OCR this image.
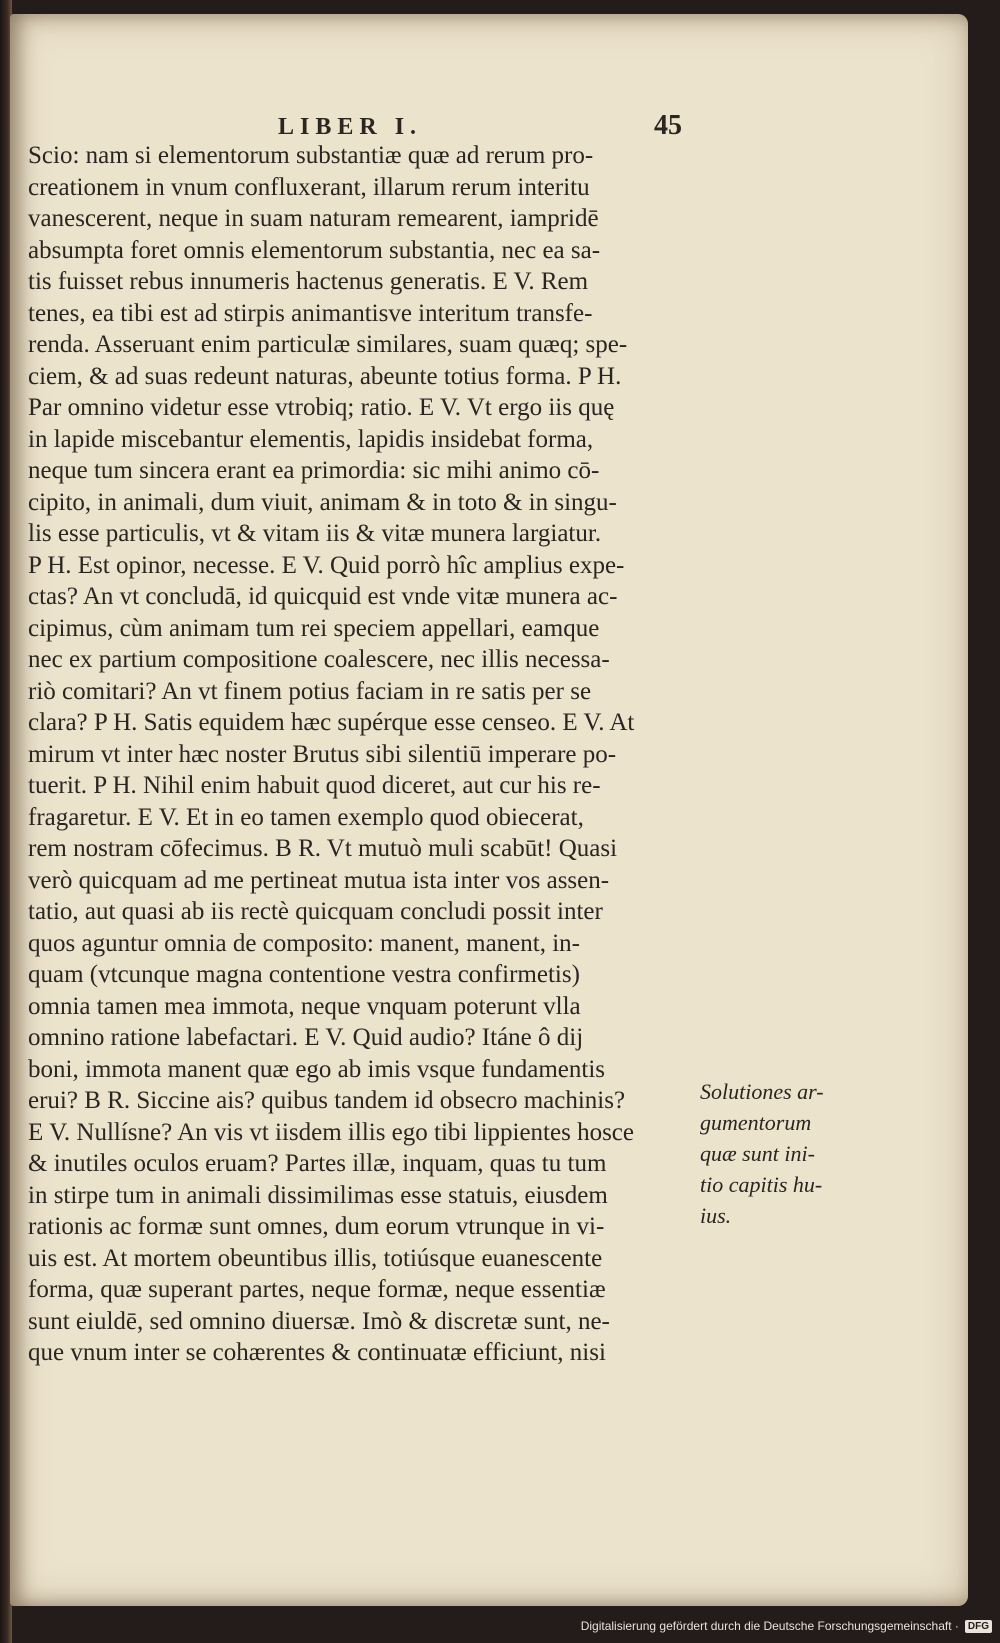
LIBER I.	45
Scio: nam si elementorum substantiæ quæ ad rerum pro-
creationem in vnum confluxerant, illarum rerum interitu
vanescerent, neque in suam naturam remearent, iampridē
absumpta foret omnis elementorum substantia, nec ea sa-
tis fuisset rebus innumeris hactenus generatis. E V. Rem
tenes, ea tibi est ad stirpis animantisve interitum transfe-
renda. Asseruant enim particulæ similares, suam quæq; spe-
ciem, & ad suas redeunt naturas, abeunte totius forma. P H.
Par omnino videtur esse vtrobiq; ratio. E V. Vt ergo iis quę
in lapide miscebantur elementis, lapidis insidebat forma,
neque tum sincera erant ea primordia: sic mihi animo cō-
cipito, in animali, dum viuit, animam & in toto & in singu-
lis esse particulis, vt & vitam iis & vitæ munera largiatur.
P H. Est opinor, necesse. E V. Quid porrò hîc amplius expe-
ctas? An vt concludā, id quicquid est vnde vitæ munera ac-
cipimus, cùm animam tum rei speciem appellari, eamque
nec ex partium compositione coalescere, nec illis necessa-
riò comitari? An vt finem potius faciam in re satis per se
clara? P H. Satis equidem hæc supérque esse censeo. E V. At
mirum vt inter hæc noster Brutus sibi silentiū imperare po-
tuerit. P H. Nihil enim habuit quod diceret, aut cur his re-
fragaretur. E V. Et in eo tamen exemplo quod obiecerat,
rem nostram cōfecimus. B R. Vt mutuò muli scabūt! Quasi
verò quicquam ad me pertineat mutua ista inter vos assen-
tatio, aut quasi ab iis rectè quicquam concludi possit inter
quos aguntur omnia de composito: manent, manent, in-
quam (vtcunque magna contentione vestra confirmetis)
omnia tamen mea immota, neque vnquam poterunt vlla
omnino ratione labefactari. E V. Quid audio? Itáne ô dij
boni, immota manent quæ ego ab imis vsque fundamentis
erui? B R. Siccine ais? quibus tandem id obsecro machinis?
E V. Nullísne? An vis vt iisdem illis ego tibi lippientes hosce
& inutiles oculos eruam? Partes illæ, inquam, quas tu tum
in stirpe tum in animali dissimilimas esse statuis, eiusdem
rationis ac formæ sunt omnes, dum eorum vtrunque in vi-
uis est. At mortem obeuntibus illis, totiúsque euanescente
forma, quæ superant partes, neque formæ, neque essentiæ
sunt eiuldē, sed omnino diuersæ. Imò & discretæ sunt, ne-
que vnum inter se cohærentes & continuatæ efficiunt, nisi
Solutiones ar-
gumentorum
quæ sunt ini-
tio capitis hu-
ius.
Digitalisierung gefördert durch die Deutsche Forschungsgemeinschaft · DFG
